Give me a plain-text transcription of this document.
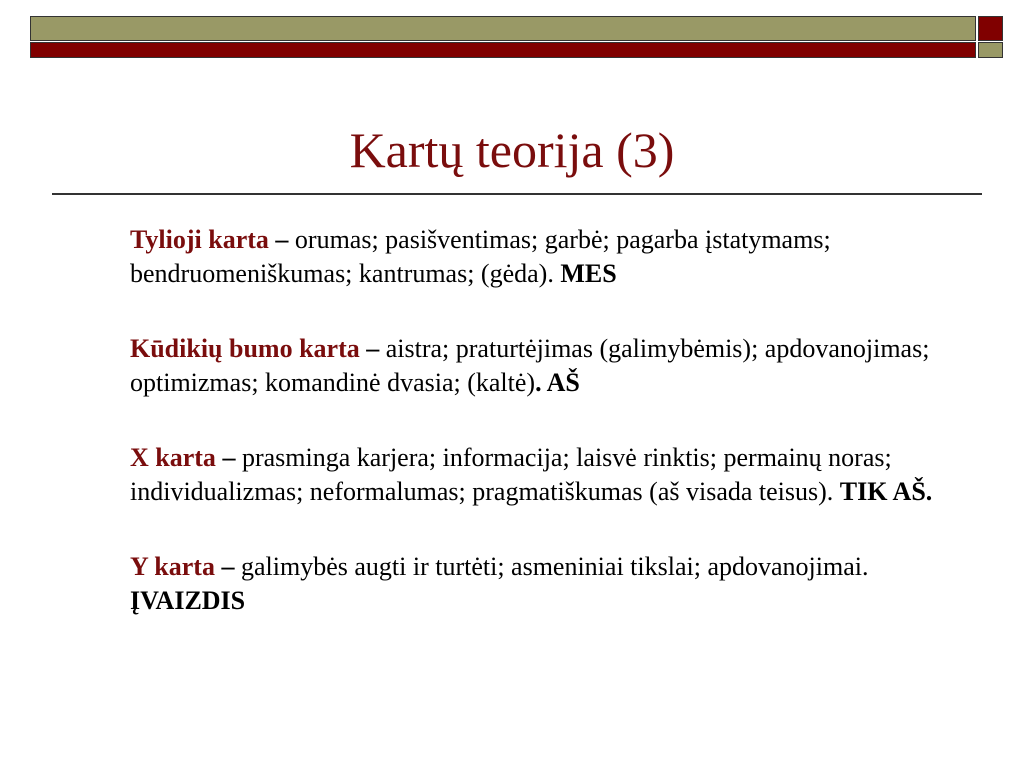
Kartų teorija (3)

Tylioji karta – orumas; pasišventimas; garbė; pagarba įstatymams; bendruomeniškumas; kantrumas; (gėda). MES

Kūdikių bumo karta – aistra; praturtėjimas (galimybėmis); apdovanojimas; optimizmas; komandinė dvasia; (kaltė). AŠ

X karta – prasminga karjera; informacija; laisvė rinktis; permainų noras; individualizmas; neformalumas; pragmatiškumas (aš visada teisus). TIK AŠ.

Y karta – galimybės augti ir turtėti; asmeniniai tikslai; apdovanojimai. ĮVAIZDIS
